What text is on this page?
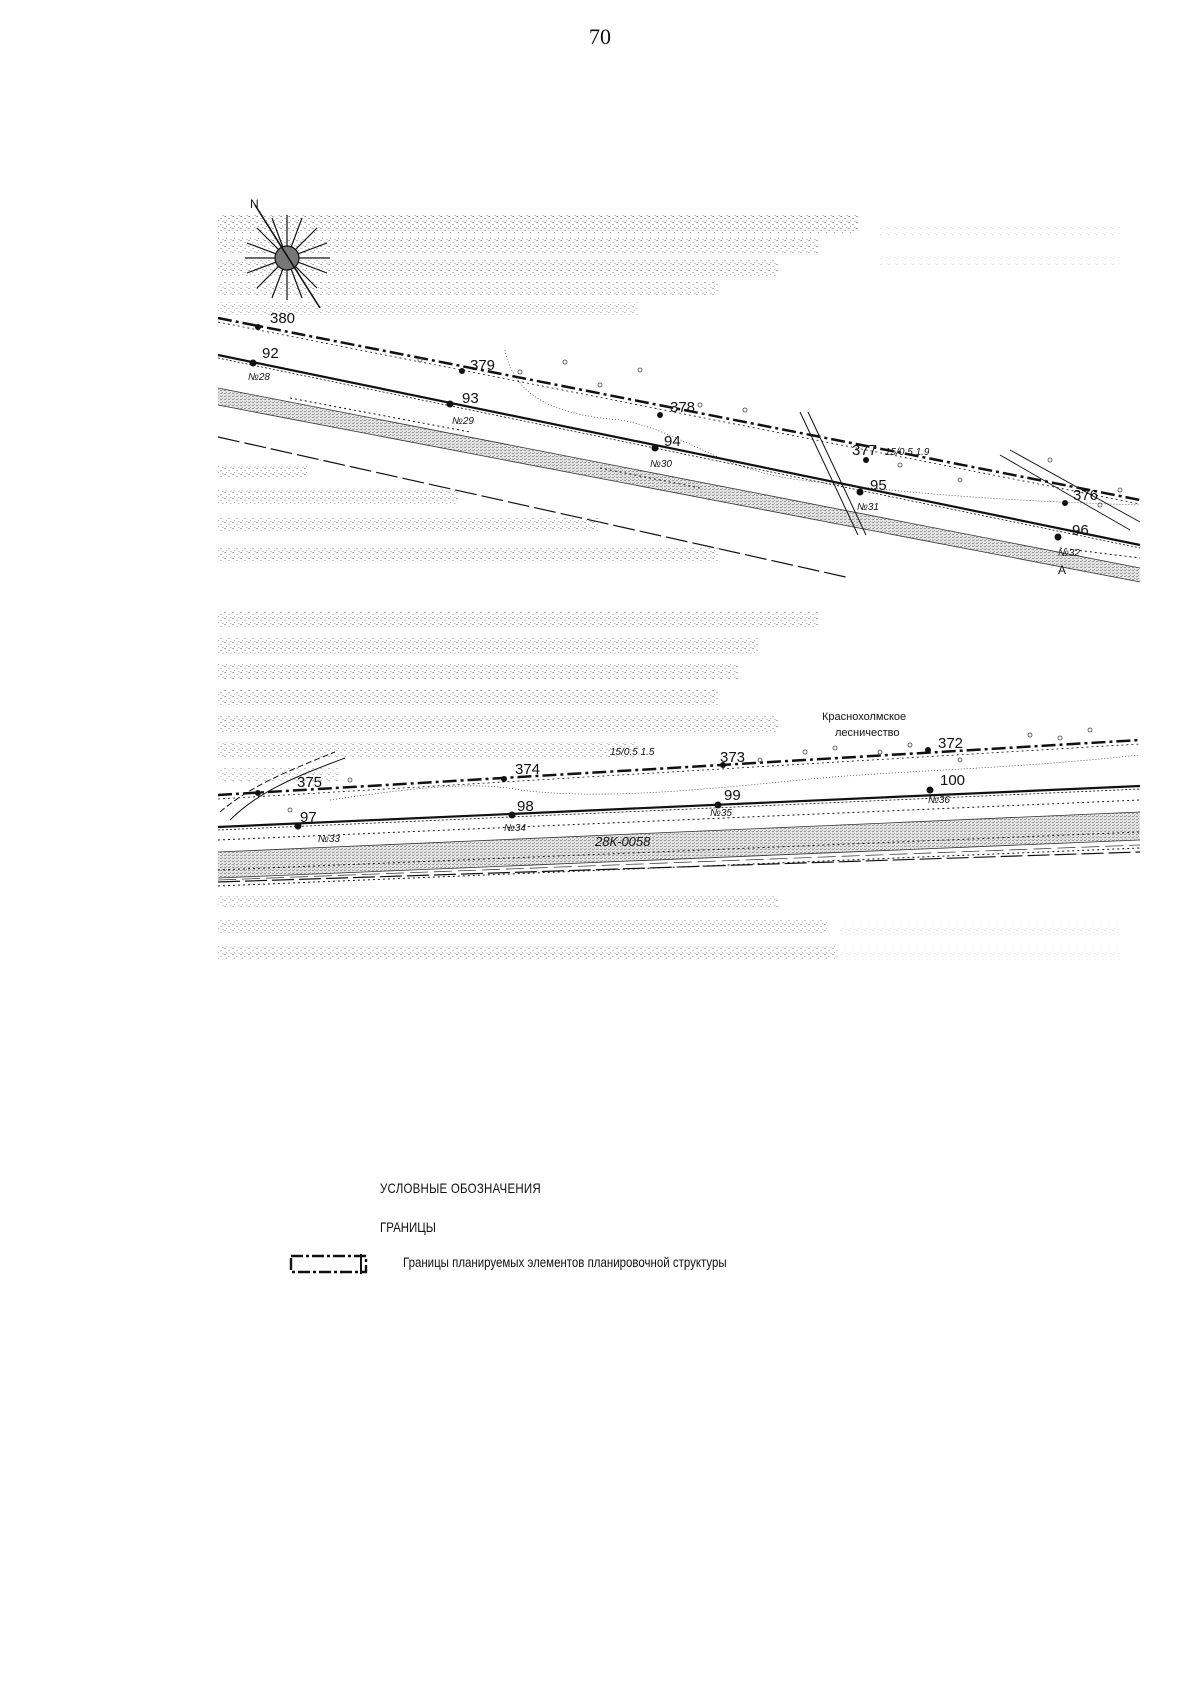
70
N
380
379
378
377
376
92
93
94
95
96
№28
№29
№30
№31
№32
15/0.5 1.9
А
375
374
373
372
97
98
99
100
№33
№34
№35
№36
15/0.5 1.5
28К-0058
Краснохолмское
лесничество
УСЛОВНЫЕ ОБОЗНАЧЕНИЯ
ГРАНИЦЫ
Границы планируемых элементов планировочной структуры
